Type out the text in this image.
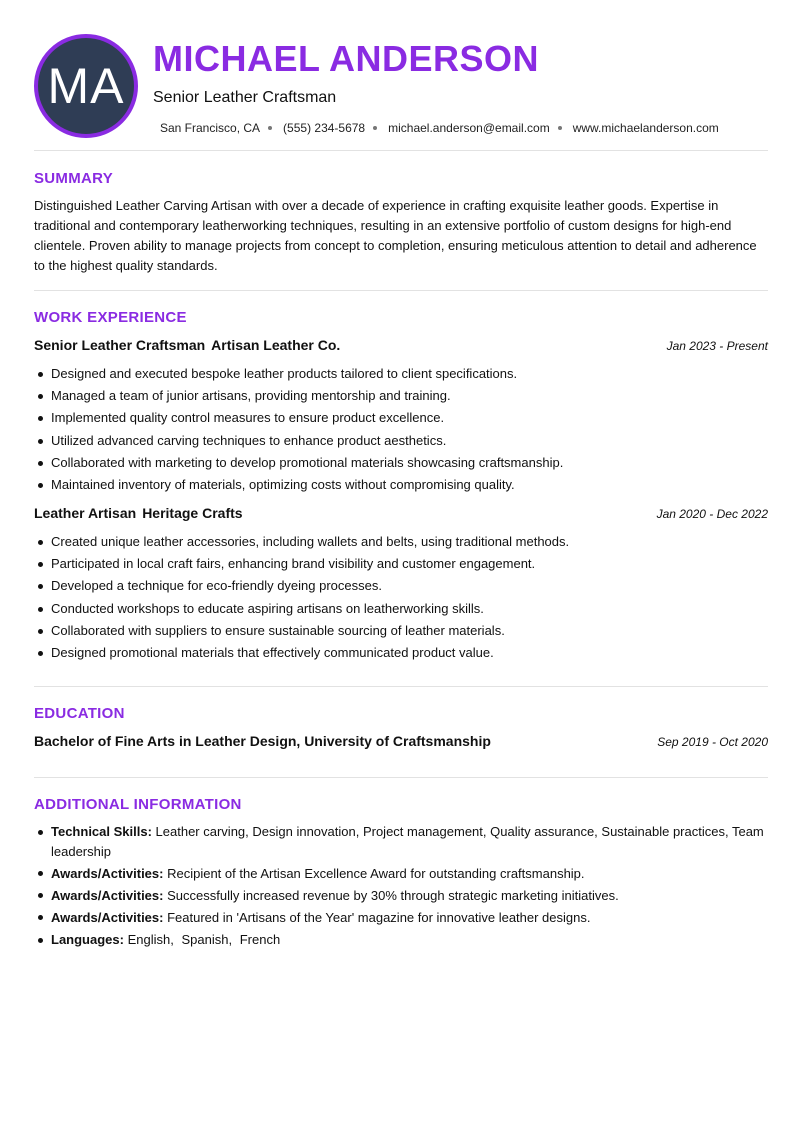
MA MICHAEL ANDERSON
Senior Leather Craftsman
San Francisco, CA (555) 234-5678 michael.anderson@email.com www.michaelanderson.com
SUMMARY

Distinguished Leather Carving Artisan with over a decade of experience in crafting exquisite leather goods. Expertise in traditional and contemporary leatherworking techniques, resulting in an extensive portfolio of custom designs for high-end clientele. Proven ability to manage projects from concept to completion, ensuring meticulous attention to detail and adherence to the highest quality standards.

WORK EXPERIENCE
Senior Leather Craftsman Artisan Leather Co.	Jan 2023 - Present
Designed and executed bespoke leather products tailored to client specifications.
Managed a team of junior artisans, providing mentorship and training.
Implemented quality control measures to ensure product excellence.
Utilized advanced carving techniques to enhance product aesthetics.
Collaborated with marketing to develop promotional materials showcasing craftsmanship.
Maintained inventory of materials, optimizing costs without compromising quality.
Leather Artisan Heritage Crafts	Jan 2020 - Dec 2022
Created unique leather accessories, including wallets and belts, using traditional methods.
Participated in local craft fairs, enhancing brand visibility and customer engagement.
Developed a technique for eco-friendly dyeing processes.
Conducted workshops to educate aspiring artisans on leatherworking skills.
Collaborated with suppliers to ensure sustainable sourcing of leather materials.
Designed promotional materials that effectively communicated product value.
EDUCATION
Bachelor of Fine Arts in Leather Design, University of Craftsmanship	Sep 2019 - Oct 2020
ADDITIONAL INFORMATION
Technical Skills: Leather carving, Design innovation, Project management, Quality assurance, Sustainable practices, Team leadership
Awards/Activities: Recipient of the Artisan Excellence Award for outstanding craftsmanship.
Awards/Activities: Successfully increased revenue by 30% through strategic marketing initiatives.
Awards/Activities: Featured in 'Artisans of the Year' magazine for innovative leather designs.
Languages: English, Spanish, French
